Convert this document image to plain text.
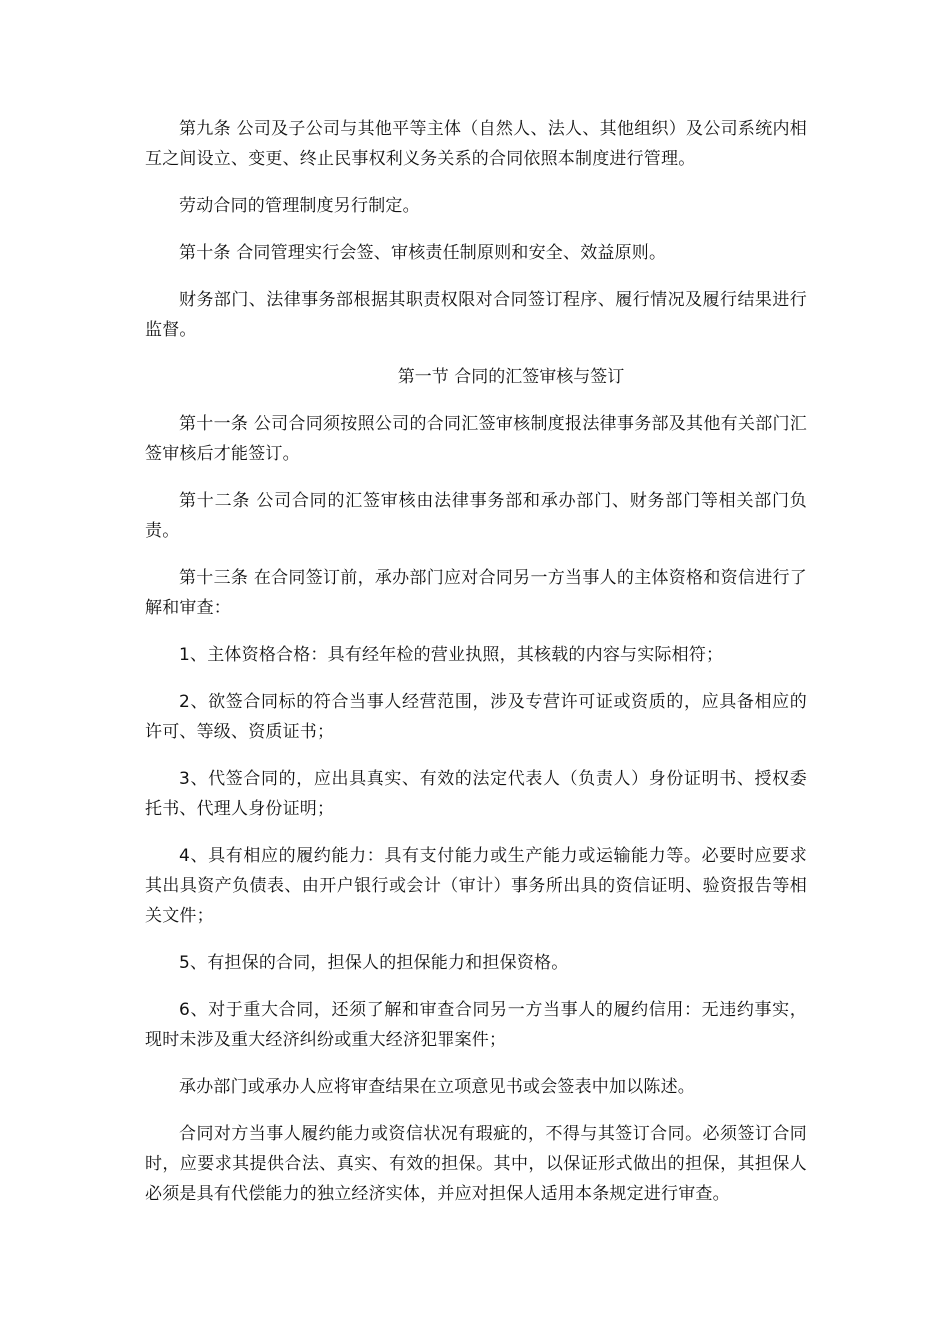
第九条 公司及子公司与其他平等主体（自然人、法人、其他组织）及公司系统内相互之间设立、变更、终止民事权利义务关系的合同依照本制度进行管理。

劳动合同的管理制度另行制定。

第十条 合同管理实行会签、审核责任制原则和安全、效益原则。

财务部门、法律事务部根据其职责权限对合同签订程序、履行情况及履行结果进行监督。

第一节 合同的汇签审核与签订

第十一条 公司合同须按照公司的合同汇签审核制度报法律事务部及其他有关部门汇签审核后才能签订。

第十二条 公司合同的汇签审核由法律事务部和承办部门、财务部门等相关部门负责。

第十三条 在合同签订前，承办部门应对合同另一方当事人的主体资格和资信进行了解和审查：

1、主体资格合格：具有经年检的营业执照，其核载的内容与实际相符；

2、欲签合同标的符合当事人经营范围，涉及专营许可证或资质的，应具备相应的许可、等级、资质证书；

3、代签合同的，应出具真实、有效的法定代表人（负责人）身份证明书、授权委托书、代理人身份证明；

4、具有相应的履约能力：具有支付能力或生产能力或运输能力等。必要时应要求其出具资产负债表、由开户银行或会计（审计）事务所出具的资信证明、验资报告等相关文件；

5、有担保的合同，担保人的担保能力和担保资格。

6、对于重大合同，还须了解和审查合同另一方当事人的履约信用：无违约事实，现时未涉及重大经济纠纷或重大经济犯罪案件；

承办部门或承办人应将审查结果在立项意见书或会签表中加以陈述。

合同对方当事人履约能力或资信状况有瑕疵的，不得与其签订合同。必须签订合同时，应要求其提供合法、真实、有效的担保。其中，以保证形式做出的担保，其担保人必须是具有代偿能力的独立经济实体，并应对担保人适用本条规定进行审查。
